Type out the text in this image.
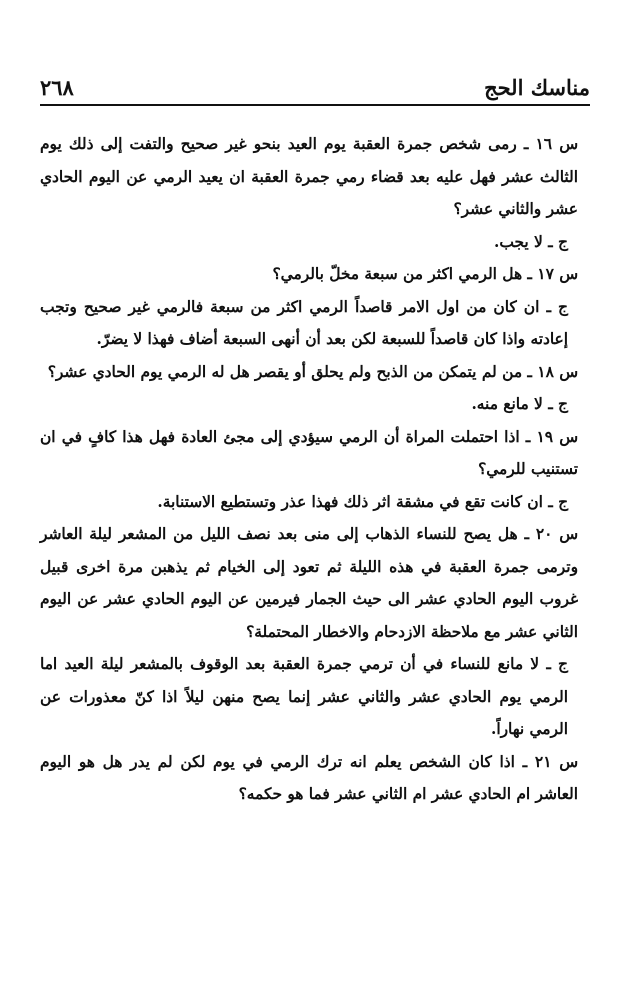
مناسك الحج
٢٦٨

س ١٦ ـ رمى شخص جمرة العقبة يوم العيد بنحو غير صحيح والتفت إلى ذلك يوم الثالث عشر فهل عليه بعد قضاء رمي جمرة العقبة ان يعيد الرمي عن اليوم الحادي عشر والثاني عشر؟

ج ـ لا يجب.

س ١٧ ـ هل الرمي اكثر من سبعة مخلّ بالرمي؟

ج ـ ان كان من اول الامر قاصداً الرمي اكثر من سبعة فالرمي غير صحيح وتجب إعادته واذا كان قاصداً للسبعة لكن بعد أن أنهى السبعة أضاف فهذا لا يضرّ.

س ١٨ ـ من لم يتمكن من الذبح ولم يحلق أو يقصر هل له الرمي يوم الحادي عشر؟

ج ـ لا مانع منه.

س ١٩ ـ اذا احتملت المراة أن الرمي سيؤدي إلى مجئ العادة فهل هذا كافٍ في ان تستنيب للرمي؟

ج ـ ان كانت تقع في مشقة اثر ذلك فهذا عذر وتستطيع الاستنابة.

س ٢٠ ـ هل يصح للنساء الذهاب إلى منى بعد نصف الليل من المشعر ليلة العاشر وترمى جمرة العقبة في هذه الليلة ثم تعود إلى الخيام ثم يذهبن مرة اخرى قبيل غروب اليوم الحادي عشر الى حيث الجمار فيرمين عن اليوم الحادي عشر عن اليوم الثاني عشر مع ملاحظة الازدحام والاخطار المحتملة؟

ج ـ لا مانع للنساء في أن ترمي جمرة العقبة بعد الوقوف بالمشعر ليلة العيد اما الرمي يوم الحادي عشر والثاني عشر إنما يصح منهن ليلاً اذا كنّ معذورات عن الرمي نهاراً.

س ٢١ ـ اذا كان الشخص يعلم انه ترك الرمي في يوم لكن لم يدر هل هو اليوم العاشر ام الحادي عشر ام الثاني عشر فما هو حكمه؟
